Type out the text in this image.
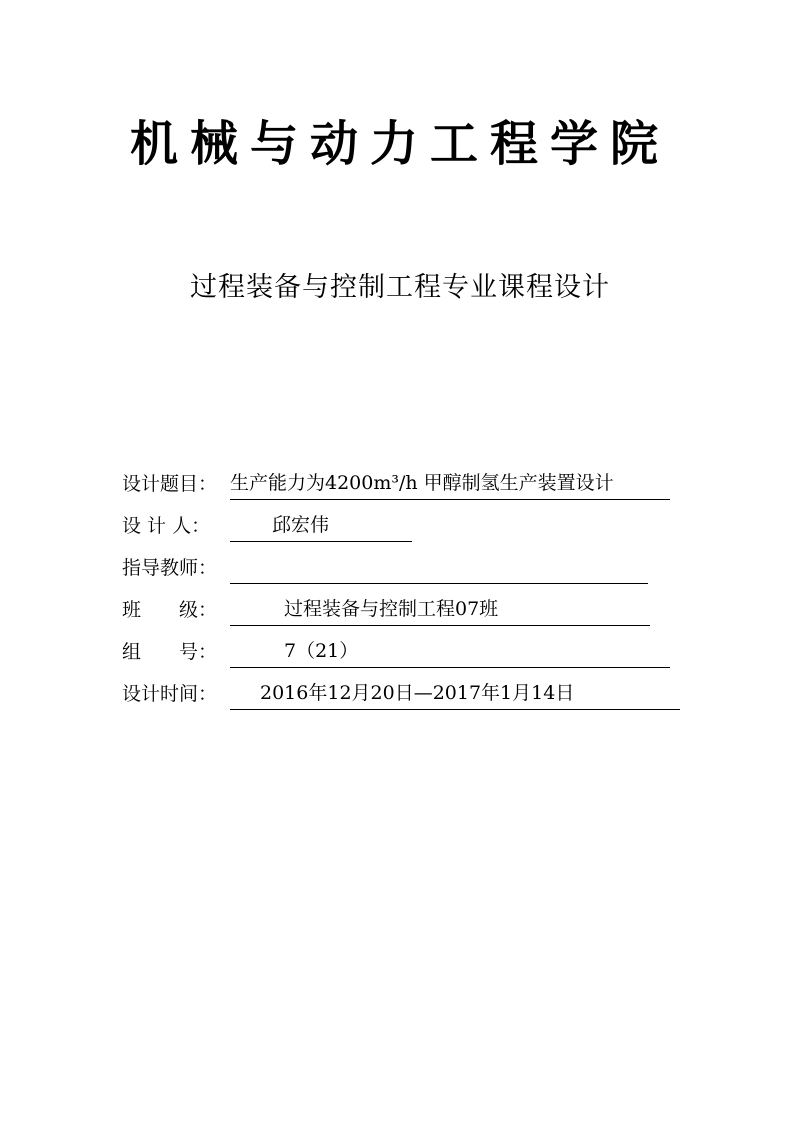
机械与动力工程学院
过程装备与控制工程专业课程设计
设计题目： 生产能力为4200m³/h 甲醇制氢生产装置设计
设 计 人：	邱宏伟
指导教师：
班　　级：	过程装备与控制工程07班
组　　号：	7（21）
设计时间： 2016年12月20日—2017年1月14日
